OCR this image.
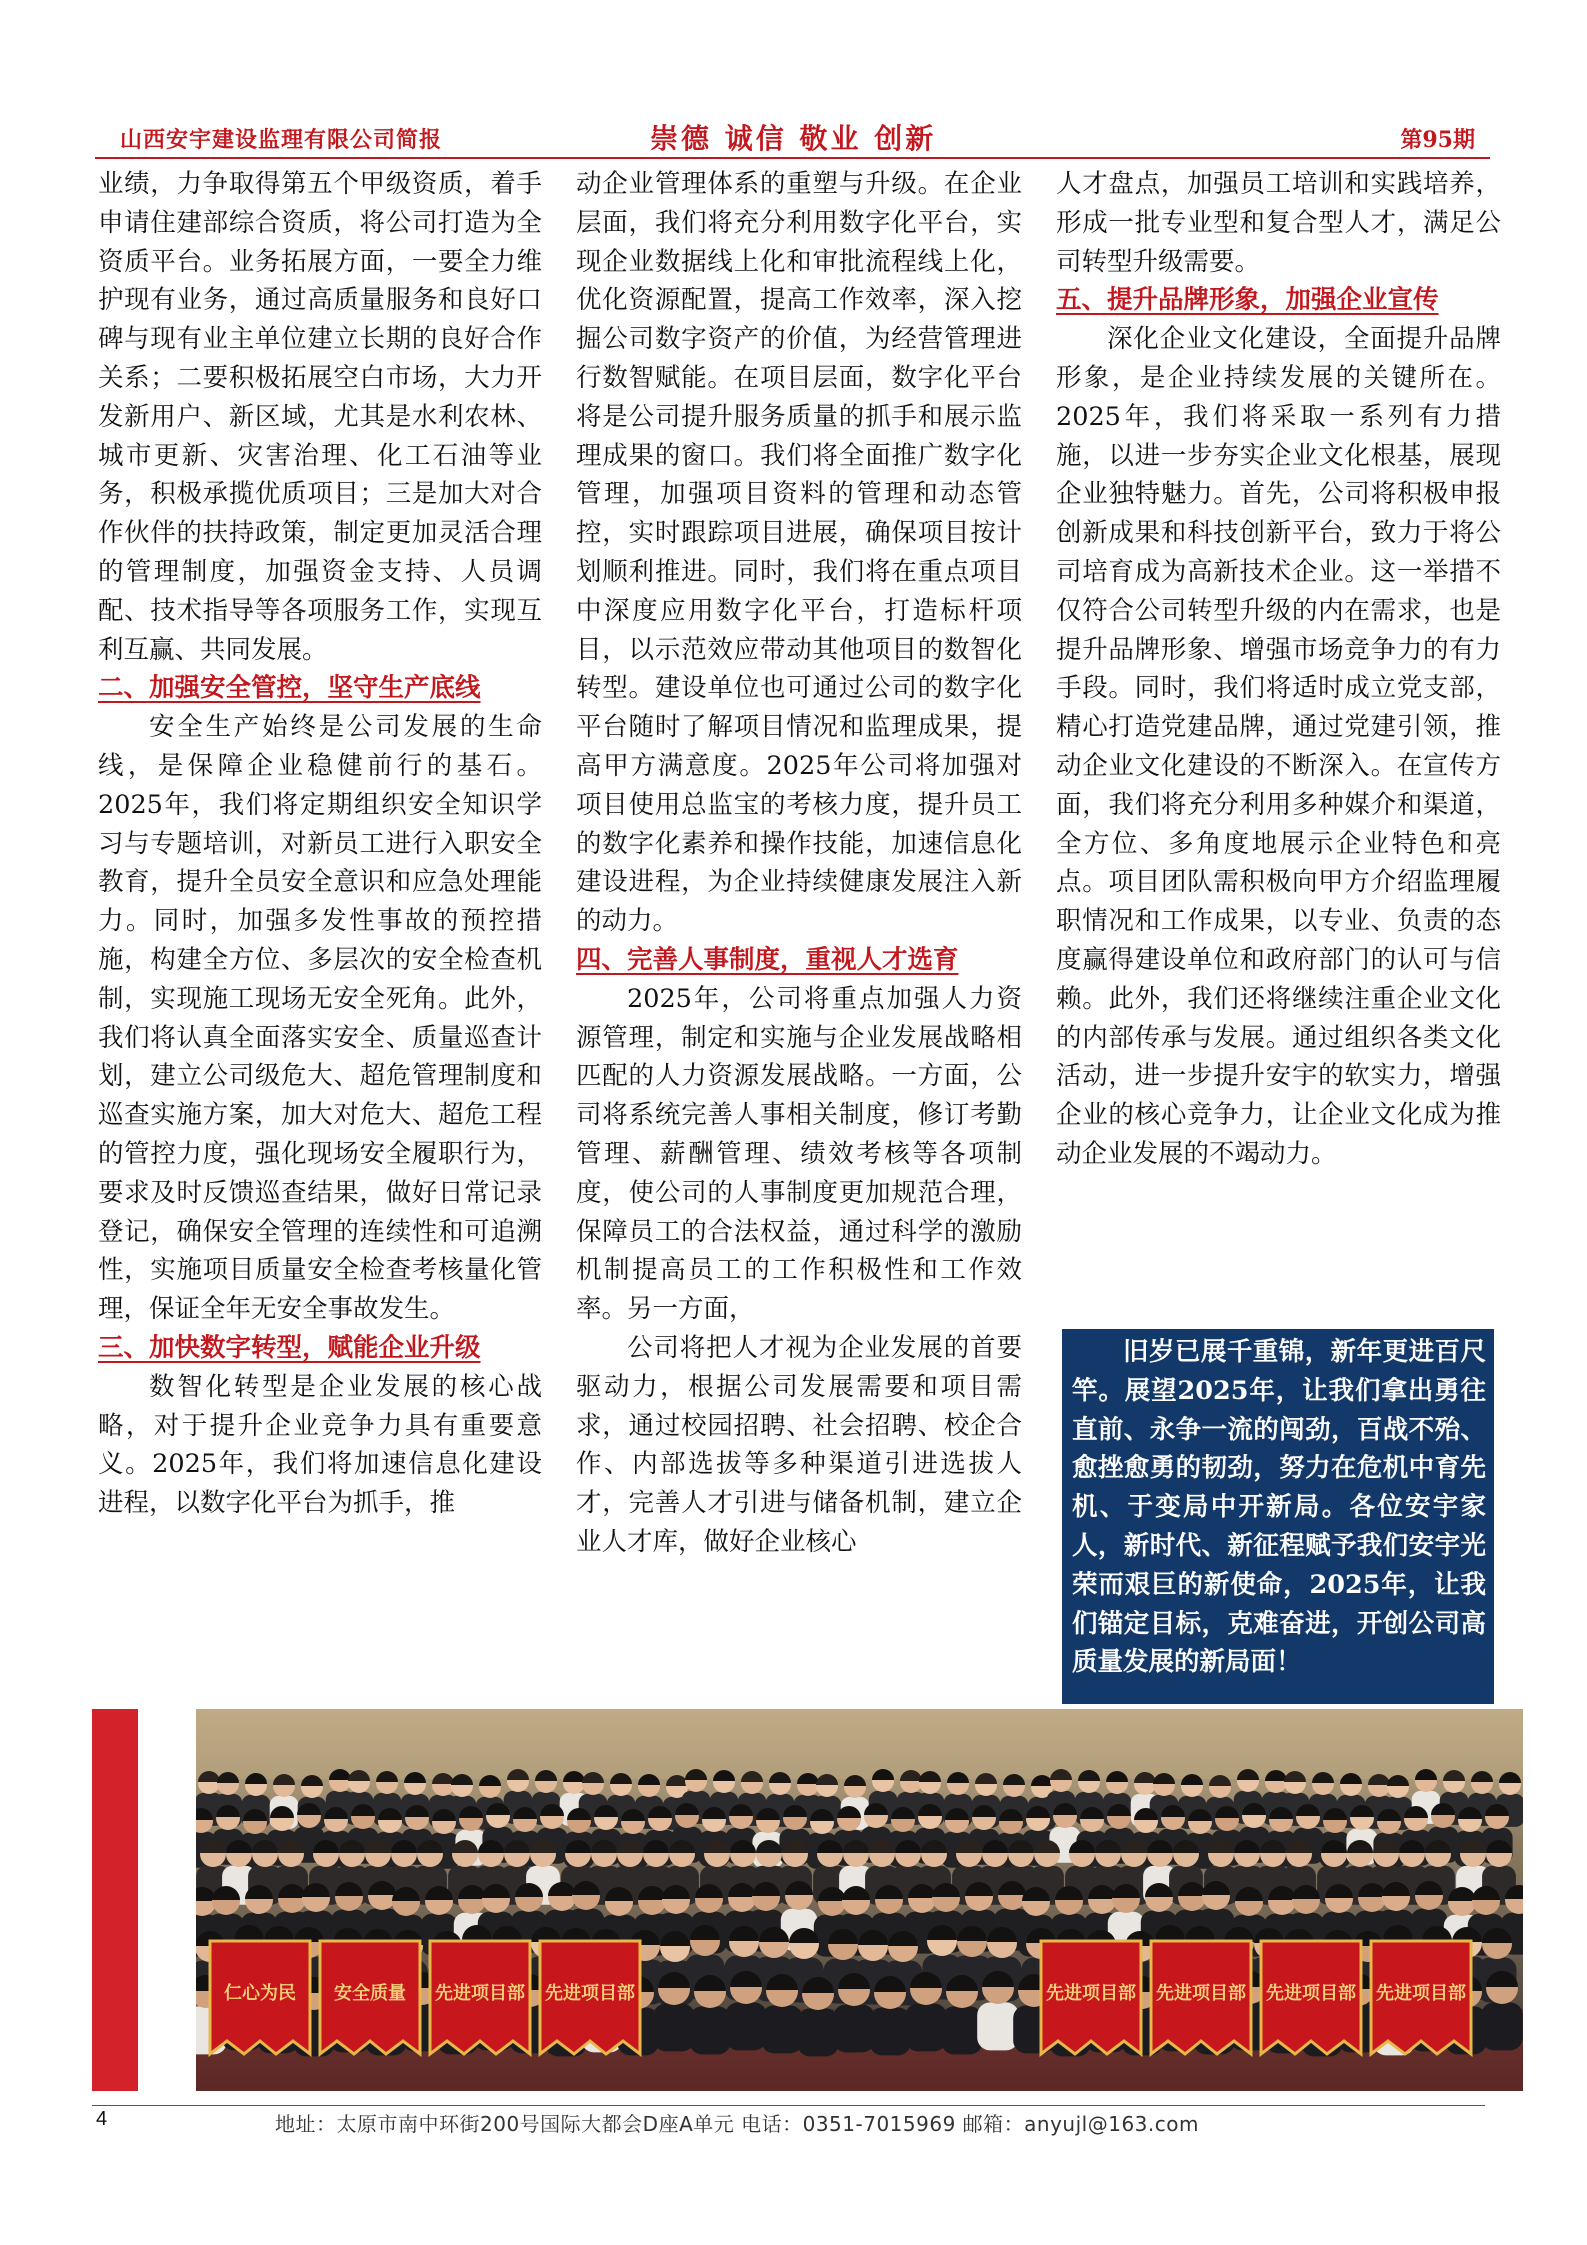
山西安宇建设监理有限公司简报	崇德 诚信 敬业 创新	第95期

业绩，力争取得第五个甲级资质，着手申请住建部综合资质，将公司打造为全资质平台。业务拓展方面，一要全力维护现有业务，通过高质量服务和良好口碑与现有业主单位建立长期的良好合作关系；二要积极拓展空白市场，大力开发新用户、新区域，尤其是水利农林、城市更新、灾害治理、化工石油等业务，积极承揽优质项目；三是加大对合作伙伴的扶持政策，制定更加灵活合理的管理制度，加强资金支持、人员调配、技术指导等各项服务工作，实现互利互赢、共同发展。

二、加强安全管控，坚守生产底线

安全生产始终是公司发展的生命线，是保障企业稳健前行的基石。2025年，我们将定期组织安全知识学习与专题培训，对新员工进行入职安全教育，提升全员安全意识和应急处理能力。同时，加强多发性事故的预控措施，构建全方位、多层次的安全检查机制，实现施工现场无安全死角。此外，我们将认真全面落实安全、质量巡查计划，建立公司级危大、超危管理制度和巡查实施方案，加大对危大、超危工程的管控力度，强化现场安全履职行为，要求及时反馈巡查结果，做好日常记录登记，确保安全管理的连续性和可追溯性，实施项目质量安全检查考核量化管理，保证全年无安全事故发生。

三、加快数字转型，赋能企业升级

数智化转型是企业发展的核心战略，对于提升企业竞争力具有重要意义。2025年，我们将加速信息化建设进程，以数字化平台为抓手，推

动企业管理体系的重塑与升级。在企业层面，我们将充分利用数字化平台，实现企业数据线上化和审批流程线上化，优化资源配置，提高工作效率，深入挖掘公司数字资产的价值，为经营管理进行数智赋能。在项目层面，数字化平台将是公司提升服务质量的抓手和展示监理成果的窗口。我们将全面推广数字化管理，加强项目资料的管理和动态管控，实时跟踪项目进展，确保项目按计划顺利推进。同时，我们将在重点项目中深度应用数字化平台，打造标杆项目，以示范效应带动其他项目的数智化转型。建设单位也可通过公司的数字化平台随时了解项目情况和监理成果，提高甲方满意度。2025年公司将加强对项目使用总监宝的考核力度，提升员工的数字化素养和操作技能，加速信息化建设进程，为企业持续健康发展注入新的动力。

四、完善人事制度，重视人才选育

2025年，公司将重点加强人力资源管理，制定和实施与企业发展战略相匹配的人力资源发展战略。一方面，公司将系统完善人事相关制度，修订考勤管理、薪酬管理、绩效考核等各项制度，使公司的人事制度更加规范合理，保障员工的合法权益，通过科学的激励机制提高员工的工作积极性和工作效率。另一方面，

公司将把人才视为企业发展的首要驱动力，根据公司发展需要和项目需求，通过校园招聘、社会招聘、校企合作、内部选拔等多种渠道引进选拔人才，完善人才引进与储备机制，建立企业人才库，做好企业核心

人才盘点，加强员工培训和实践培养，形成一批专业型和复合型人才，满足公司转型升级需要。

五、提升品牌形象，加强企业宣传

深化企业文化建设，全面提升品牌形象，是企业持续发展的关键所在。2025年，我们将采取一系列有力措施，以进一步夯实企业文化根基，展现企业独特魅力。首先，公司将积极申报创新成果和科技创新平台，致力于将公司培育成为高新技术企业。这一举措不仅符合公司转型升级的内在需求，也是提升品牌形象、增强市场竞争力的有力手段。同时，我们将适时成立党支部，精心打造党建品牌，通过党建引领，推动企业文化建设的不断深入。在宣传方面，我们将充分利用多种媒介和渠道，全方位、多角度地展示企业特色和亮点。项目团队需积极向甲方介绍监理履职情况和工作成果，以专业、负责的态度赢得建设单位和政府部门的认可与信赖。此外，我们还将继续注重企业文化的内部传承与发展。通过组织各类文化活动，进一步提升安宇的软实力，增强企业的核心竞争力，让企业文化成为推动企业发展的不竭动力。

旧岁已展千重锦，新年更进百尺竿。展望2025年，让我们拿出勇往直前、永争一流的闯劲，百战不殆、愈挫愈勇的韧劲，努力在危机中育先机、于变局中开新局。各位安宇家人，新时代、新征程赋予我们安宇光荣而艰巨的新使命，2025年，让我们锚定目标，克难奋进，开创公司高质量发展的新局面！
仁心为民 安全质量 先进项目部 先进项目部	先进项目部 先进项目部 先进项目部 先进项目部
4	地址：太原市南中环街200号国际大都会D座A单元 电话：0351-7015969 邮箱：anyujl@163.com
